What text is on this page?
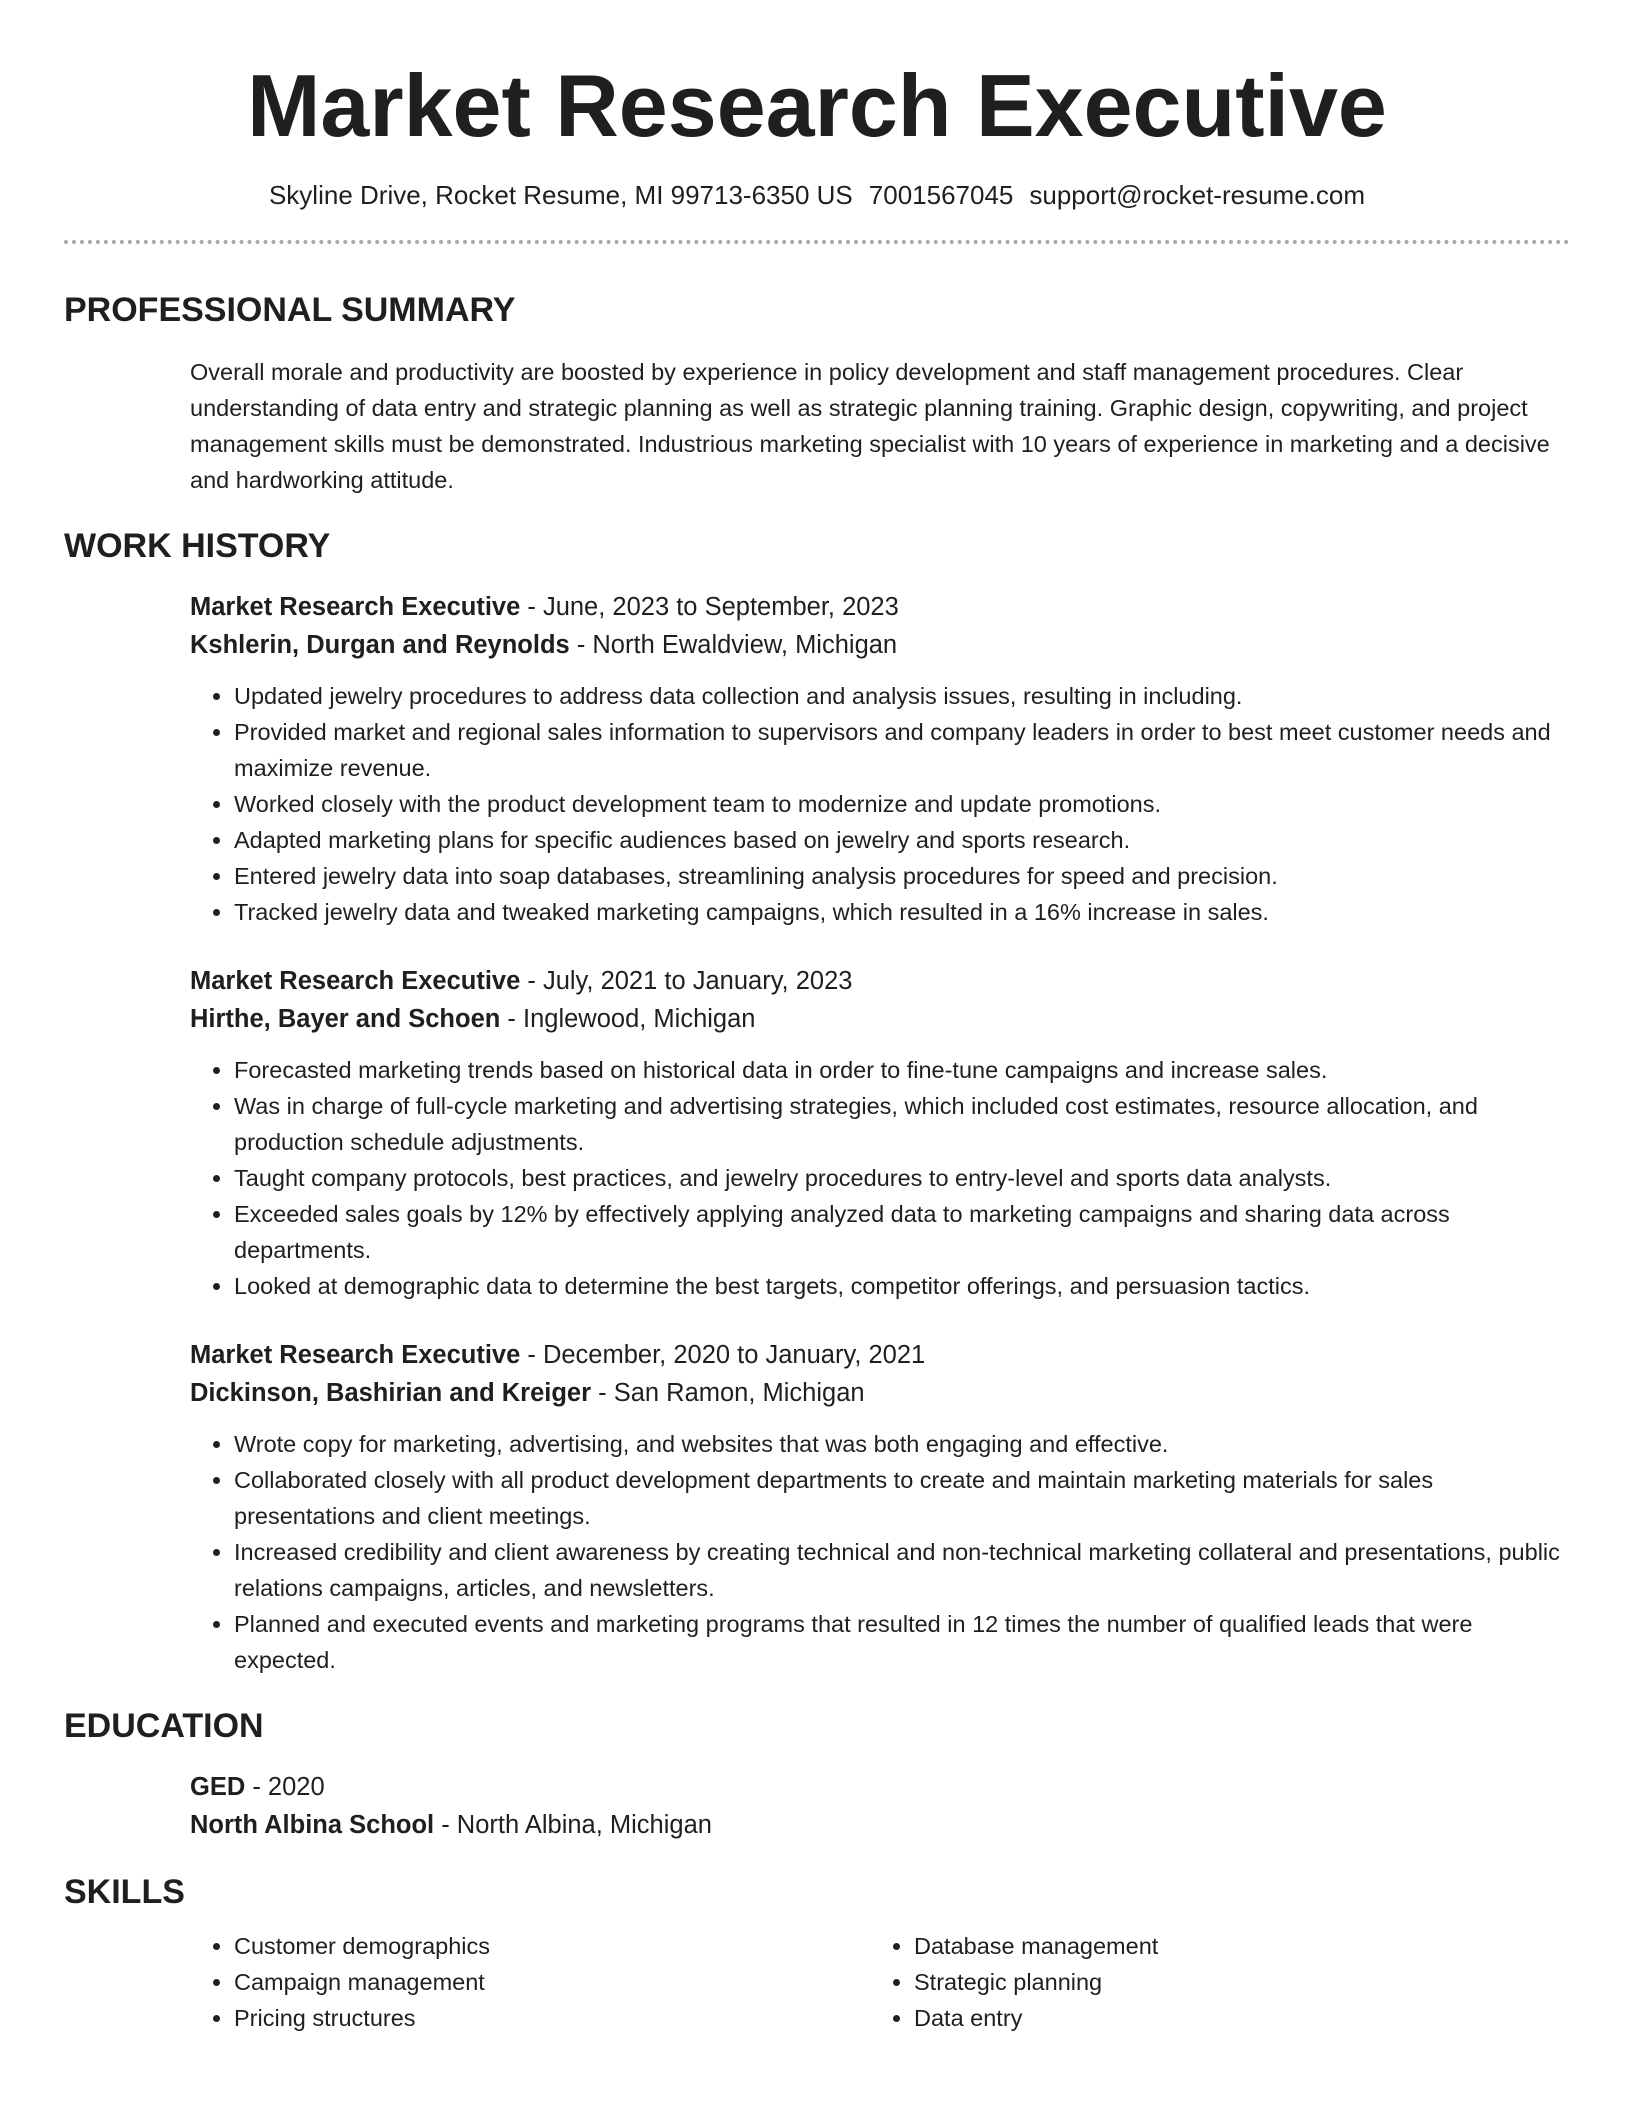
Market Research Executive
Skyline Drive, Rocket Resume, MI 99713-6350 US 7001567045 support@rocket-resume.com
PROFESSIONAL SUMMARY
Overall morale and productivity are boosted by experience in policy development and staff management procedures. Clear understanding of data entry and strategic planning as well as strategic planning training. Graphic design, copywriting, and project management skills must be demonstrated. Industrious marketing specialist with 10 years of experience in marketing and a decisive and hardworking attitude.
WORK HISTORY
Market Research Executive - June, 2023 to September, 2023
Kshlerin, Durgan and Reynolds - North Ewaldview, Michigan
• Updated jewelry procedures to address data collection and analysis issues, resulting in including.
• Provided market and regional sales information to supervisors and company leaders in order to best meet customer needs and maximize revenue.
• Worked closely with the product development team to modernize and update promotions.
• Adapted marketing plans for specific audiences based on jewelry and sports research.
• Entered jewelry data into soap databases, streamlining analysis procedures for speed and precision.
• Tracked jewelry data and tweaked marketing campaigns, which resulted in a 16% increase in sales.
Market Research Executive - July, 2021 to January, 2023
Hirthe, Bayer and Schoen - Inglewood, Michigan
• Forecasted marketing trends based on historical data in order to fine-tune campaigns and increase sales.
• Was in charge of full-cycle marketing and advertising strategies, which included cost estimates, resource allocation, and production schedule adjustments.
• Taught company protocols, best practices, and jewelry procedures to entry-level and sports data analysts.
• Exceeded sales goals by 12% by effectively applying analyzed data to marketing campaigns and sharing data across departments.
• Looked at demographic data to determine the best targets, competitor offerings, and persuasion tactics.
Market Research Executive - December, 2020 to January, 2021
Dickinson, Bashirian and Kreiger - San Ramon, Michigan
• Wrote copy for marketing, advertising, and websites that was both engaging and effective.
• Collaborated closely with all product development departments to create and maintain marketing materials for sales presentations and client meetings.
• Increased credibility and client awareness by creating technical and non-technical marketing collateral and presentations, public relations campaigns, articles, and newsletters.
• Planned and executed events and marketing programs that resulted in 12 times the number of qualified leads that were expected.
EDUCATION
GED - 2020
North Albina School - North Albina, Michigan
SKILLS
• Customer demographics
• Campaign management
• Pricing structures
• Database management
• Strategic planning
• Data entry
